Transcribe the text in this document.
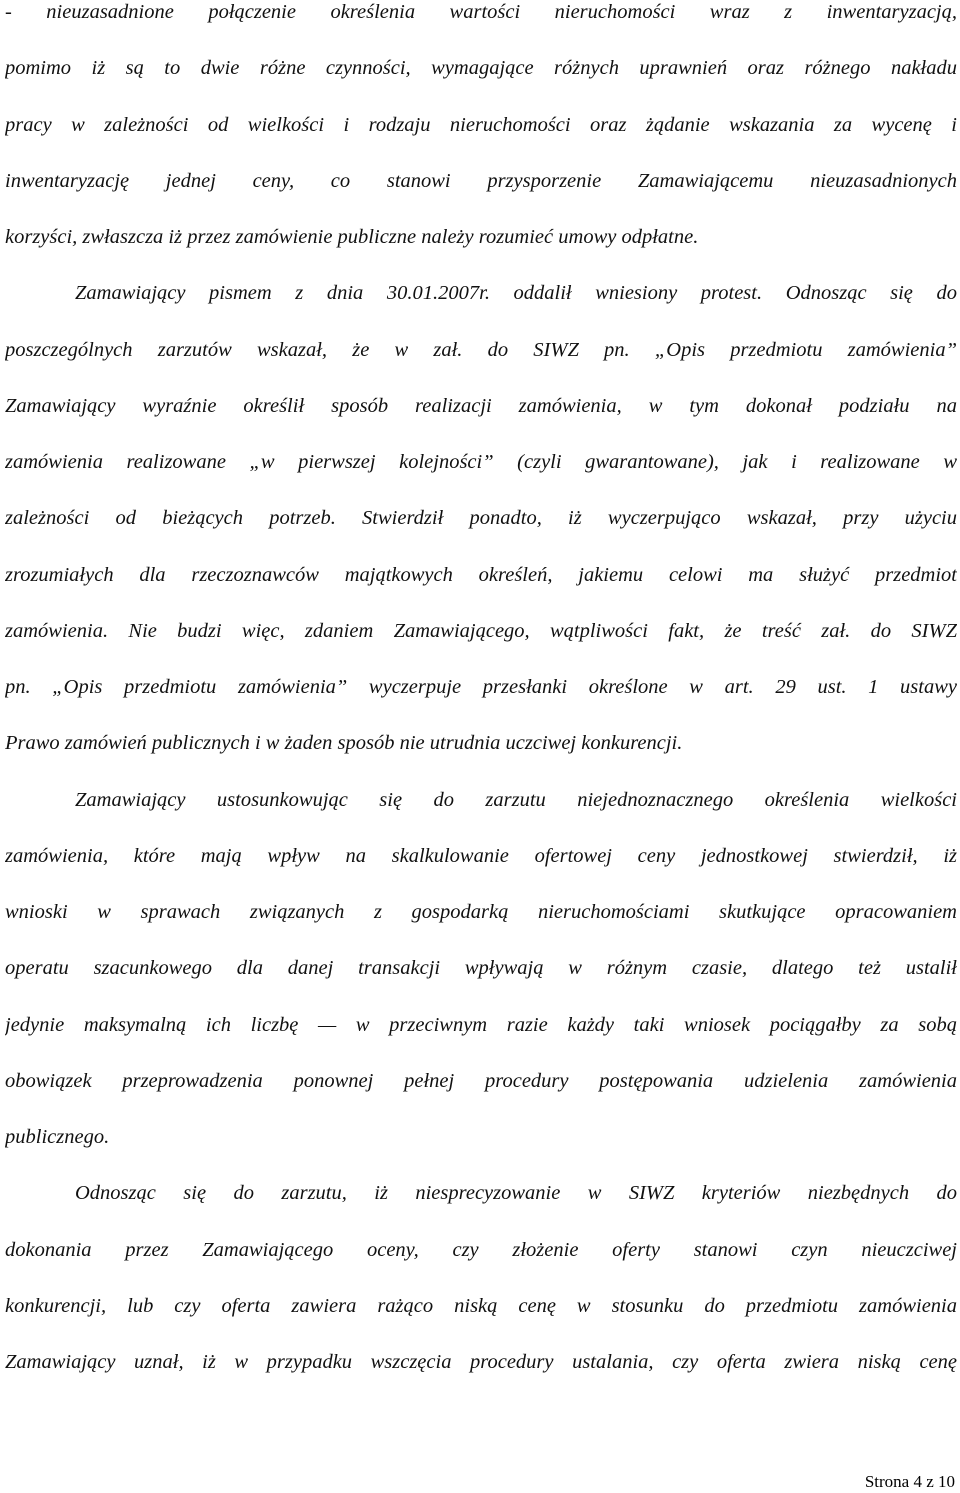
- nieuzasadnione połączenie określenia wartości nieruchomości wraz z inwentaryzacją,
pomimo iż są to dwie różne czynności, wymagające różnych uprawnień oraz różnego nakładu
pracy w zależności od wielkości i rodzaju nieruchomości oraz żądanie wskazania za wycenę i
inwentaryzację jednej ceny, co stanowi przysporzenie Zamawiającemu nieuzasadnionych
korzyści, zwłaszcza iż przez zamówienie publiczne należy rozumieć umowy odpłatne.
Zamawiający pismem z dnia 30.01.2007r. oddalił wniesiony protest. Odnosząc się do
poszczególnych zarzutów wskazał, że w zał. do SIWZ pn. „Opis przedmiotu zamówienia”
Zamawiający wyraźnie określił sposób realizacji zamówienia, w tym dokonał podziału na
zamówienia realizowane „w pierwszej kolejności” (czyli gwarantowane), jak i realizowane w
zależności od bieżących potrzeb. Stwierdził ponadto, iż wyczerpująco wskazał, przy użyciu
zrozumiałych dla rzeczoznawców majątkowych określeń, jakiemu celowi ma służyć przedmiot
zamówienia. Nie budzi więc, zdaniem Zamawiającego, wątpliwości fakt, że treść zał. do SIWZ
pn. „Opis przedmiotu zamówienia” wyczerpuje przesłanki określone w art. 29 ust. 1 ustawy
Prawo zamówień publicznych i w żaden sposób nie utrudnia uczciwej konkurencji.
Zamawiający ustosunkowując się do zarzutu niejednoznacznego określenia wielkości
zamówienia, które mają wpływ na skalkulowanie ofertowej ceny jednostkowej stwierdził, iż
wnioski w sprawach związanych z gospodarką nieruchomościami skutkujące opracowaniem
operatu szacunkowego dla danej transakcji wpływają w różnym czasie, dlatego też ustalił
jedynie maksymalną ich liczbę — w przeciwnym razie każdy taki wniosek pociągałby za sobą
obowiązek przeprowadzenia ponownej pełnej procedury postępowania udzielenia zamówienia
publicznego.
Odnosząc się do zarzutu, iż niesprecyzowanie w SIWZ kryteriów niezbędnych do
dokonania przez Zamawiającego oceny, czy złożenie oferty stanowi czyn nieuczciwej
konkurencji, lub czy oferta zawiera rażąco niską cenę w stosunku do przedmiotu zamówienia
Zamawiający uznał, iż w przypadku wszczęcia procedury ustalania, czy oferta zwiera niską cenę
Strona 4 z 10
